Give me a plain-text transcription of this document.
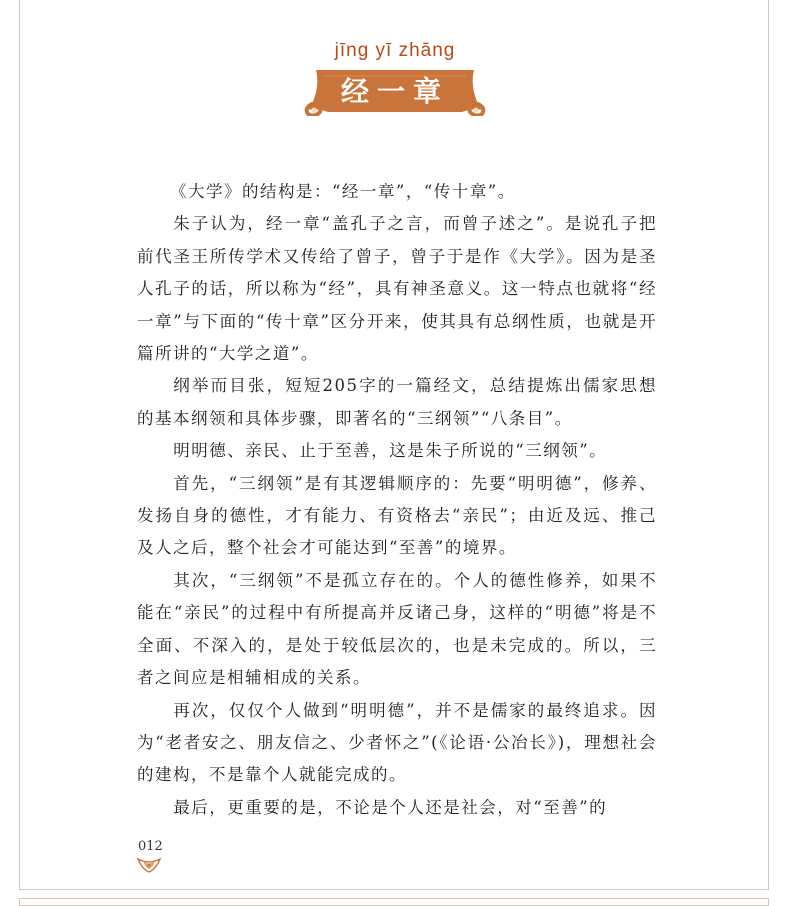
jīng yī zhāng
经一章

《大学》的结构是：“经一章”，“传十章”。

朱子认为，经一章“盖孔子之言，而曾子述之”。是说孔子把前代圣王所传学术又传给了曾子，曾子于是作《大学》。因为是圣人孔子的话，所以称为“经”，具有神圣意义。这一特点也就将“经一章”与下面的“传十章”区分开来，使其具有总纲性质，也就是开篇所讲的“大学之道”。

纲举而目张，短短205字的一篇经文，总结提炼出儒家思想的基本纲领和具体步骤，即著名的“三纲领”“八条目”。

明明德、亲民、止于至善，这是朱子所说的“三纲领”。

首先，“三纲领”是有其逻辑顺序的：先要“明明德”，修养、发扬自身的德性，才有能力、有资格去“亲民”；由近及远、推己及人之后，整个社会才可能达到“至善”的境界。

其次，“三纲领”不是孤立存在的。个人的德性修养，如果不能在“亲民”的过程中有所提高并反诸己身，这样的“明德”将是不全面、不深入的，是处于较低层次的，也是未完成的。所以，三者之间应是相辅相成的关系。

再次，仅仅个人做到“明明德”，并不是儒家的最终追求。因为“老者安之、朋友信之、少者怀之”(《论语·公冶长》)，理想社会的建构，不是靠个人就能完成的。

最后，更重要的是，不论是个人还是社会，对“至善”的

012
